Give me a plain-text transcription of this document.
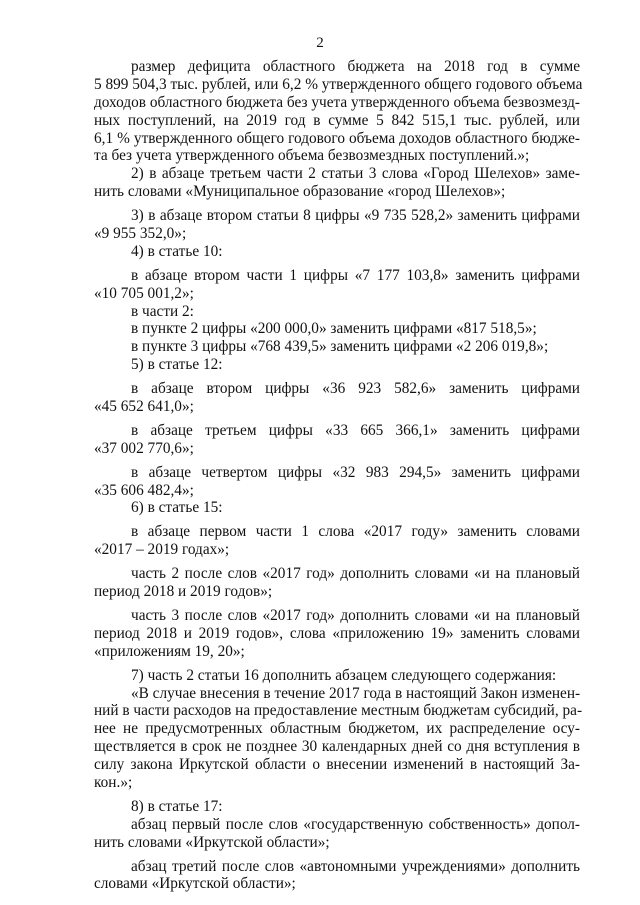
2
размер дефицита областного бюджета на 2018 год в сумме
5 899 504,3 тыс. рублей, или 6,2 % утвержденного общего годового объема
доходов областного бюджета без учета утвержденного объема безвозмезд-
ных поступлений, на 2019 год в сумме 5 842 515,1 тыс. рублей, или
6,1 % утвержденного общего годового объема доходов областного бюдже-
та без учета утвержденного объема безвозмездных поступлений.»;
2) в абзаце третьем части 2 статьи 3 слова «Город Шелехов» заме-
нить словами «Муниципальное образование «город Шелехов»;
3) в абзаце втором статьи 8 цифры «9 735 528,2» заменить цифрами
«9 955 352,0»;
4) в статье 10:
в абзаце втором части 1 цифры «7 177 103,8» заменить цифрами
«10 705 001,2»;
в части 2:
в пункте 2 цифры «200 000,0» заменить цифрами «817 518,5»;
в пункте 3 цифры «768 439,5» заменить цифрами «2 206 019,8»;
5) в статье 12:
в абзаце втором цифры «36 923 582,6» заменить цифрами
«45 652 641,0»;
в абзаце третьем цифры «33 665 366,1» заменить цифрами
«37 002 770,6»;
в абзаце четвертом цифры «32 983 294,5» заменить цифрами
«35 606 482,4»;
6) в статье 15:
в абзаце первом части 1 слова «2017 году» заменить словами
«2017 – 2019 годах»;
часть 2 после слов «2017 год» дополнить словами «и на плановый
период 2018 и 2019 годов»;
часть 3 после слов «2017 год» дополнить словами «и на плановый
период 2018 и 2019 годов», слова «приложению 19» заменить словами
«приложениям 19, 20»;
7) часть 2 статьи 16 дополнить абзацем следующего содержания:
«В случае внесения в течение 2017 года в настоящий Закон изменен-
ний в части расходов на предоставление местным бюджетам субсидий, ра-
нее не предусмотренных областным бюджетом, их распределение осу-
ществляется в срок не позднее 30 календарных дней со дня вступления в
силу закона Иркутской области о внесении изменений в настоящий За-
кон.»;
8) в статье 17:
абзац первый после слов «государственную собственность» допол-
нить словами «Иркутской области»;
абзац третий после слов «автономными учреждениями» дополнить
словами «Иркутской области»;
